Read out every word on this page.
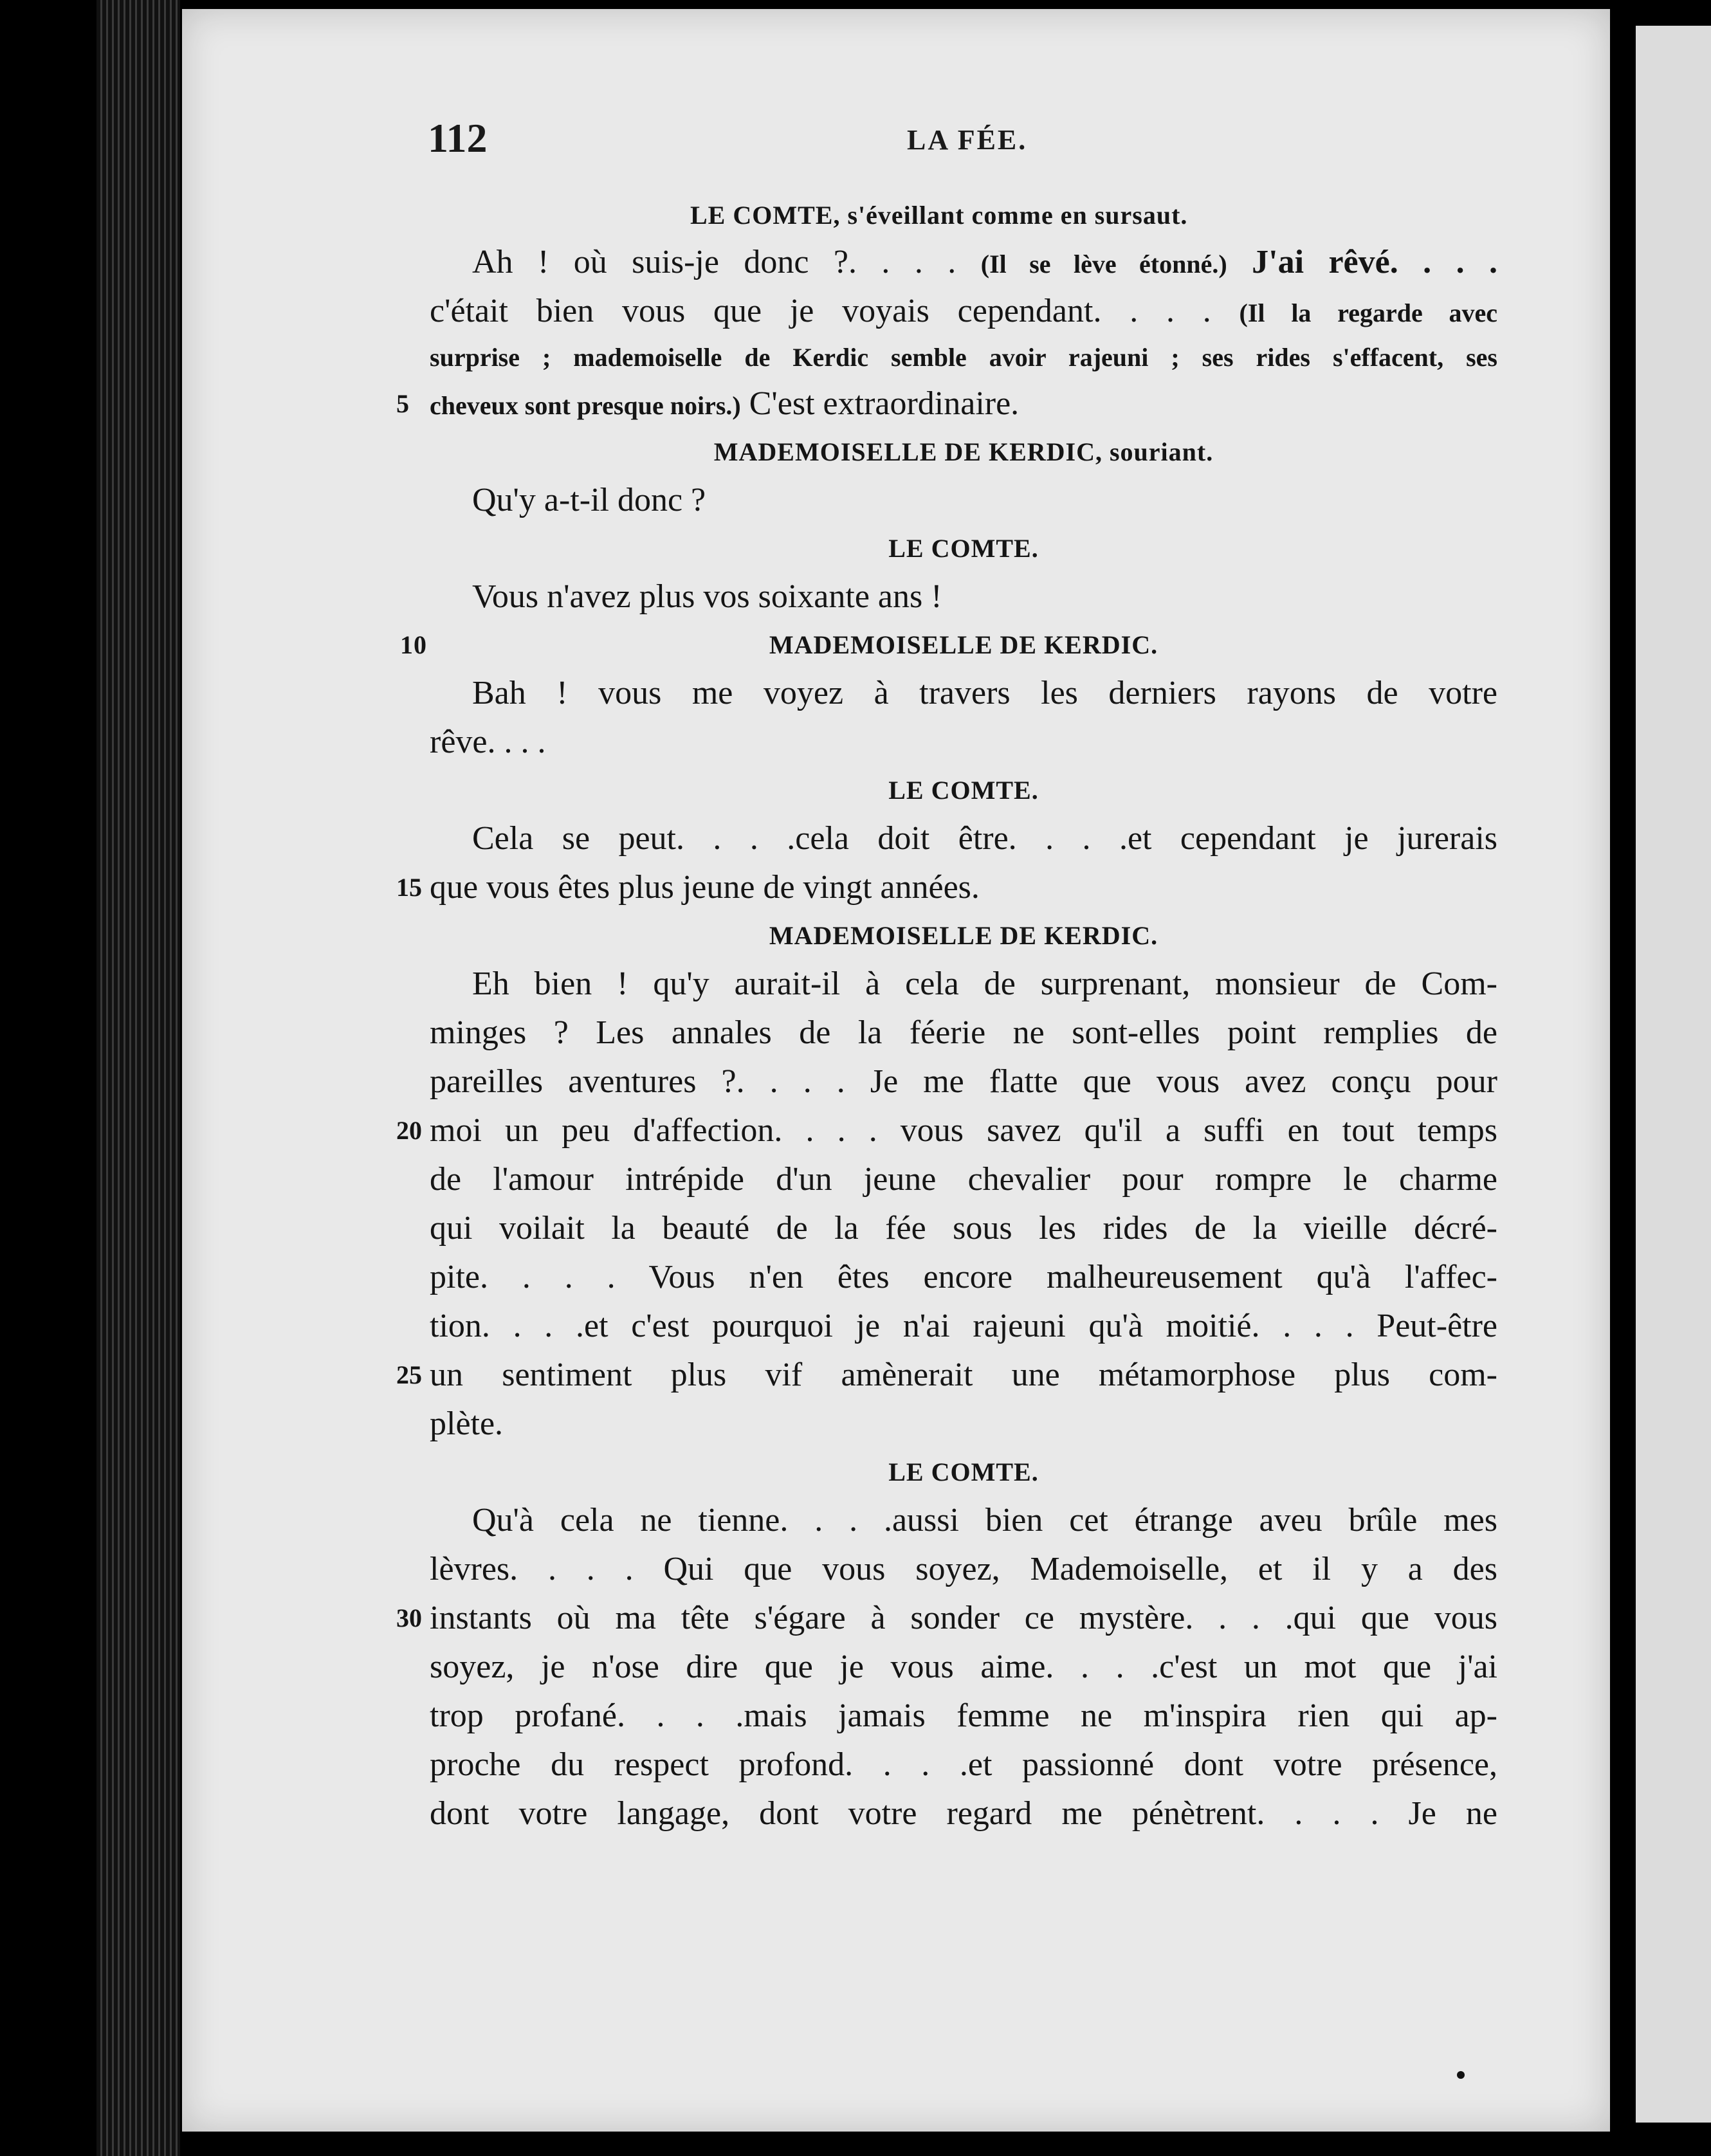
112	LA FÉE.
LE COMTE, s'éveillant comme en sursaut.
Ah ! où suis-je donc ?. . . . (Il se lève étonné.) J'ai rêvé. . . .
c'était bien vous que je voyais cependant. . . . (Il la regarde avec
surprise ; mademoiselle de Kerdic semble avoir rajeuni ; ses rides s'effacent, ses
5 cheveux sont presque noirs.) C'est extraordinaire.
MADEMOISELLE DE KERDIC, souriant.
Qu'y a-t-il donc ?
LE COMTE.
Vous n'avez plus vos soixante ans !
10	MADEMOISELLE DE KERDIC.
Bah ! vous me voyez à travers les derniers rayons de votre
rêve. . . .
LE COMTE.
Cela se peut. . . .cela doit être. . . .et cependant je jurerais
15 que vous êtes plus jeune de vingt années.
MADEMOISELLE DE KERDIC.
Eh bien ! qu'y aurait-il à cela de surprenant, monsieur de Com-
minges ? Les annales de la féerie ne sont-elles point remplies de
pareilles aventures ?. . . . Je me flatte que vous avez conçu pour
20 moi un peu d'affection. . . . vous savez qu'il a suffi en tout temps
de l'amour intrépide d'un jeune chevalier pour rompre le charme
qui voilait la beauté de la fée sous les rides de la vieille décré-
pite. . . . Vous n'en êtes encore malheureusement qu'à l'affec-
tion. . . .et c'est pourquoi je n'ai rajeuni qu'à moitié. . . . Peut-être
25 un sentiment plus vif amènerait une métamorphose plus com-
plète.
LE COMTE.
Qu'à cela ne tienne. . . .aussi bien cet étrange aveu brûle mes
lèvres. . . . Qui que vous soyez, Mademoiselle, et il y a des
30 instants où ma tête s'égare à sonder ce mystère. . . .qui que vous
soyez, je n'ose dire que je vous aime. . . .c'est un mot que j'ai
trop profané. . . .mais jamais femme ne m'inspira rien qui ap-
proche du respect profond. . . .et passionné dont votre présence,
dont votre langage, dont votre regard me pénètrent. . . . Je ne
